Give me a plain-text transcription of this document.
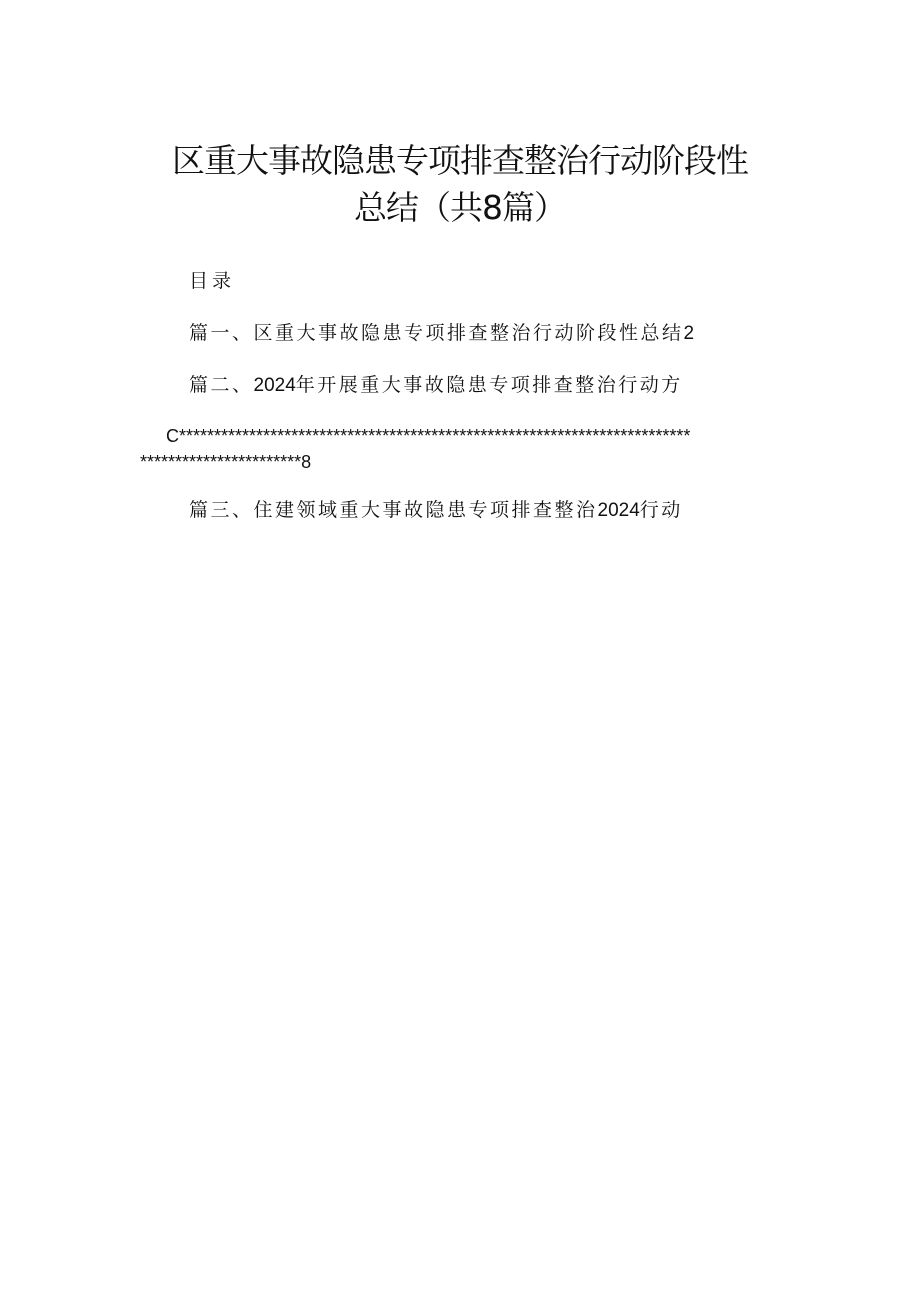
区重大事故隐患专项排查整治行动阶段性
总结（共8篇）
目录
篇一、区重大事故隐患专项排查整治行动阶段性总结2
篇二、2024年开展重大事故隐患专项排查整治行动方
C*************************************************************************
***********************8
篇三、住建领域重大事故隐患专项排查整治2024行动
